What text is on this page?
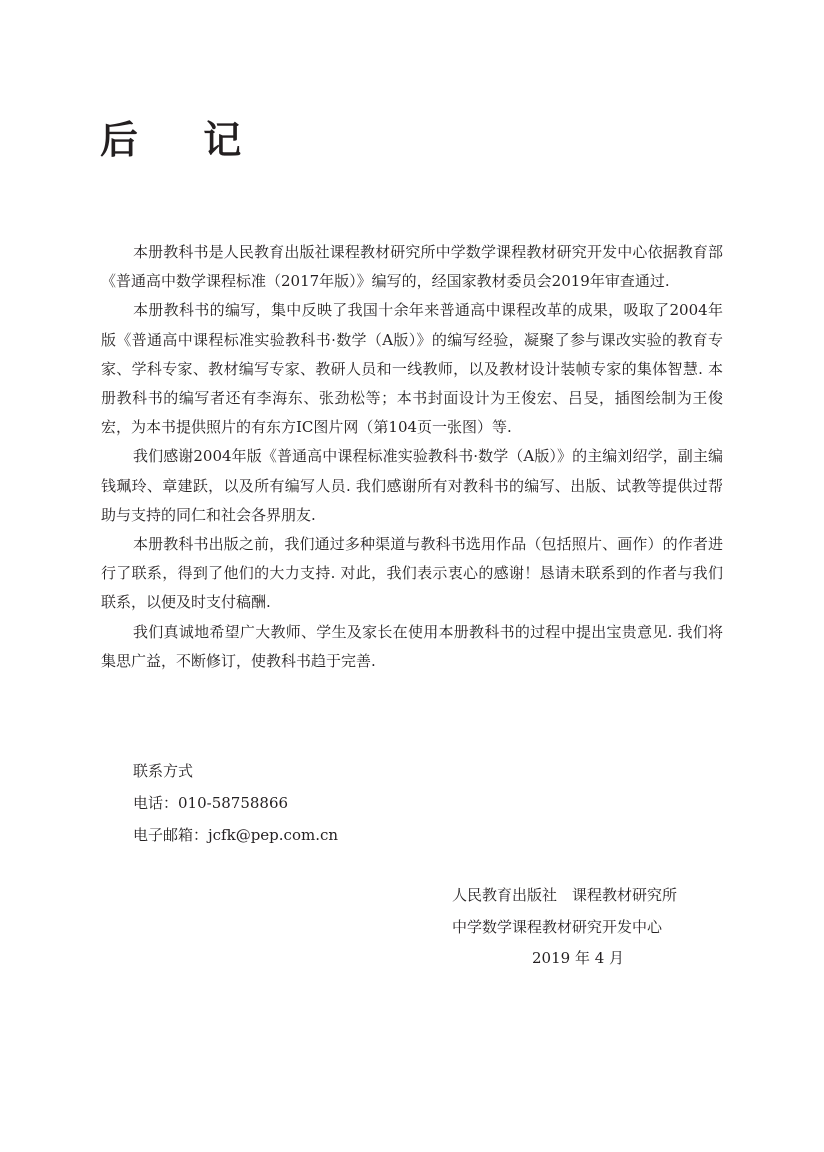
后 记

本册教科书是人民教育出版社课程教材研究所中学数学课程教材研究开发中心依据教育部《普通高中数学课程标准（2017年版）》编写的，经国家教材委员会2019年审查通过.

本册教科书的编写，集中反映了我国十余年来普通高中课程改革的成果，吸取了2004年版《普通高中课程标准实验教科书·数学（A版）》的编写经验，凝聚了参与课改实验的教育专家、学科专家、教材编写专家、教研人员和一线教师，以及教材设计装帧专家的集体智慧. 本册教科书的编写者还有李海东、张劲松等；本书封面设计为王俊宏、吕旻，插图绘制为王俊宏，为本书提供照片的有东方IC图片网（第104页一张图）等.

我们感谢2004年版《普通高中课程标准实验教科书·数学（A版）》的主编刘绍学，副主编钱珮玲、章建跃，以及所有编写人员. 我们感谢所有对教科书的编写、出版、试教等提供过帮助与支持的同仁和社会各界朋友.

本册教科书出版之前，我们通过多种渠道与教科书选用作品（包括照片、画作）的作者进行了联系，得到了他们的大力支持. 对此，我们表示衷心的感谢！恳请未联系到的作者与我们联系，以便及时支付稿酬.

我们真诚地希望广大教师、学生及家长在使用本册教科书的过程中提出宝贵意见. 我们将集思广益，不断修订，使教科书趋于完善.

联系方式
电话：010-58758866
电子邮箱：jcfk@pep.com.cn
人民教育出版社　课程教材研究所
中学数学课程教材研究开发中心
2019 年 4 月
